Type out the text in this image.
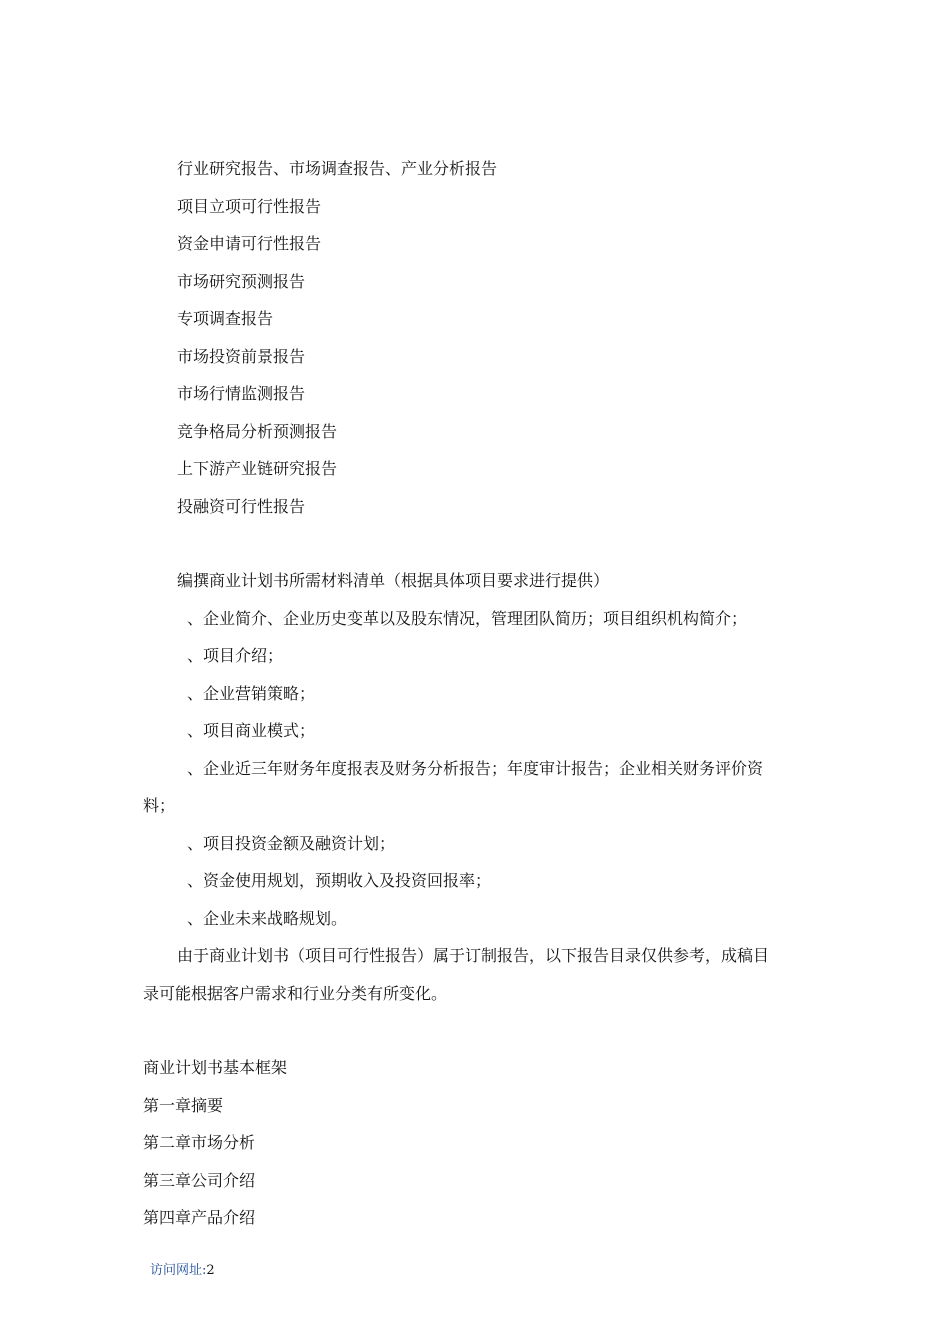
行业研究报告、市场调查报告、产业分析报告
项目立项可行性报告
资金申请可行性报告
市场研究预测报告
专项调查报告
市场投资前景报告
市场行情监测报告
竞争格局分析预测报告
上下游产业链研究报告
投融资可行性报告
编撰商业计划书所需材料清单（根据具体项目要求进行提供）
、企业简介、企业历史变革以及股东情况，管理团队简历；项目组织机构简介；
、项目介绍；
、企业营销策略；
、项目商业模式；
、企业近三年财务年度报表及财务分析报告；年度审计报告；企业相关财务评价资
料；
、项目投资金额及融资计划；
、资金使用规划，预期收入及投资回报率；
、企业未来战略规划。
由于商业计划书（项目可行性报告）属于订制报告，以下报告目录仅供参考，成稿目
录可能根据客户需求和行业分类有所变化。
商业计划书基本框架
第一章摘要
第二章市场分析
第三章公司介绍
第四章产品介绍
访问网址:2
